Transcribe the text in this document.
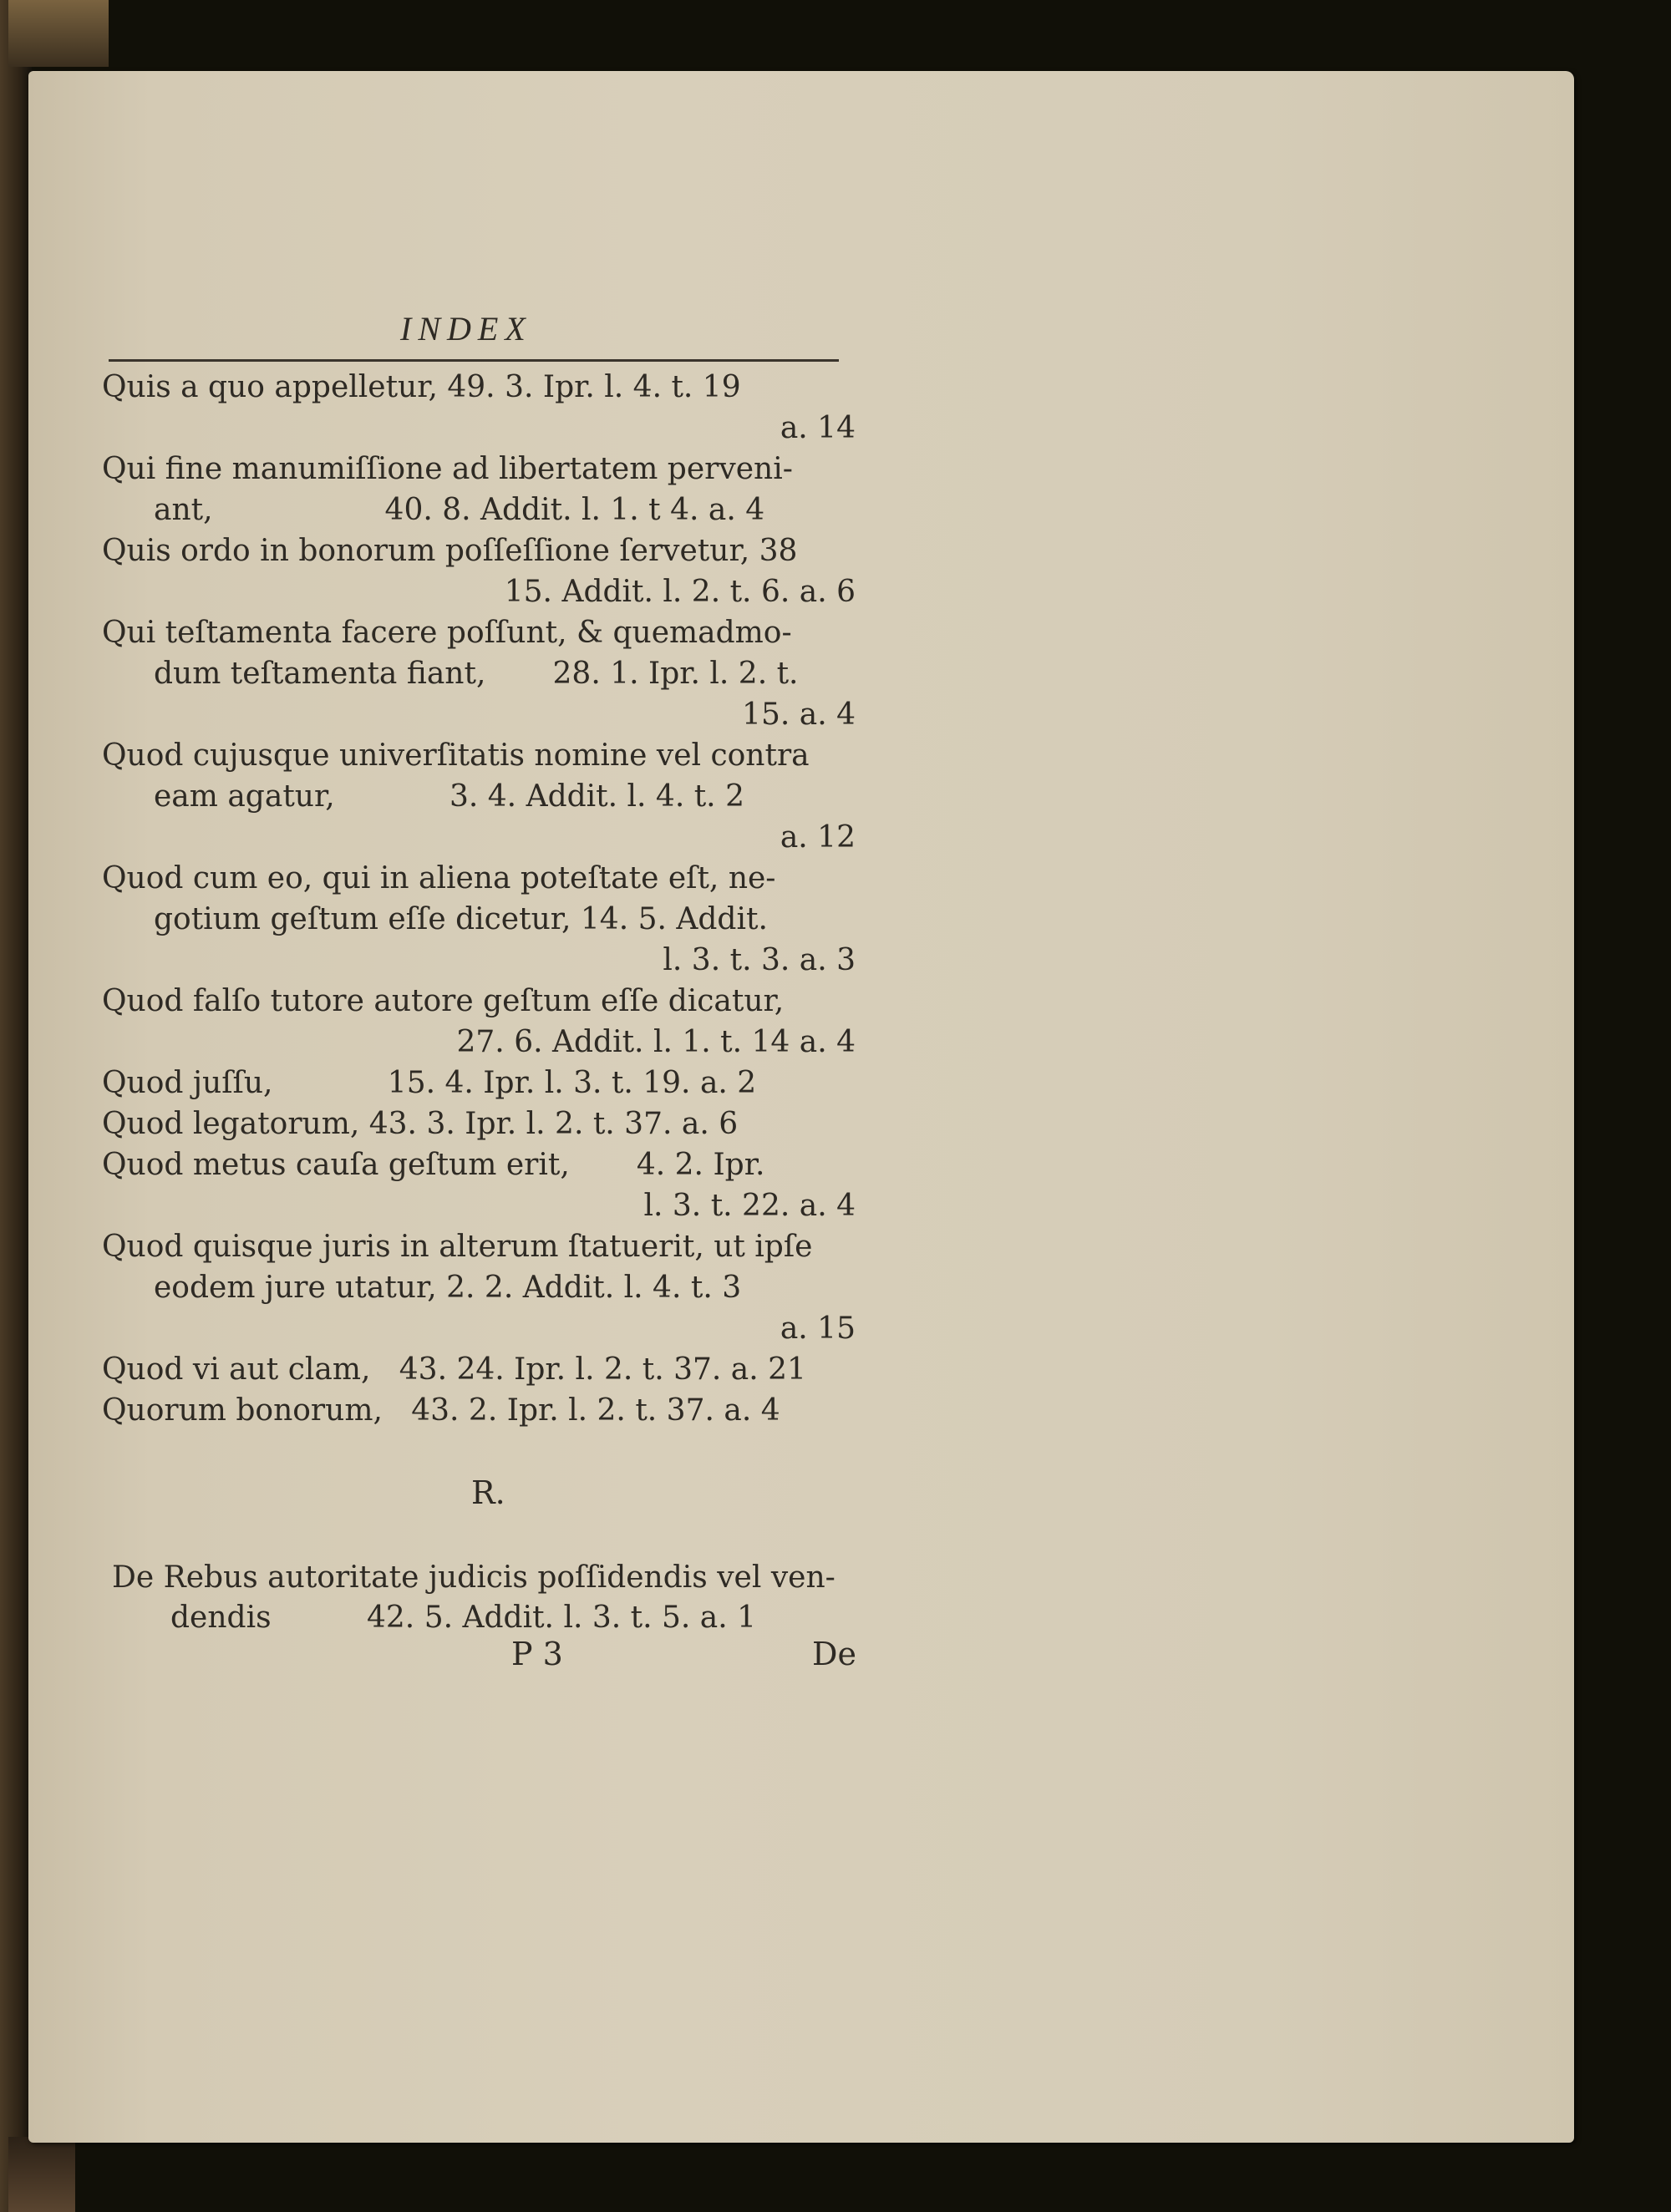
INDEX
Quis a quo appelletur, 49. 3. Ipr. l. 4. t. 19
a. 14
Qui fine manumiſſione ad libertatem perveni-
ant,                  40. 8. Addit. l. 1. t 4. a. 4
Quis ordo in bonorum poſſeſſione ſervetur, 38
15. Addit. l. 2. t. 6. a. 6
Qui teſtamenta facere poſſunt, & quemadmo-
dum teſtamenta fiant,       28. 1. Ipr. l. 2. t.
15. a. 4
Quod cujusque univerſitatis nomine vel contra
eam agatur,            3. 4. Addit. l. 4. t. 2
a. 12
Quod cum eo, qui in aliena poteſtate eſt, ne-
gotium geſtum eſſe dicetur, 14. 5. Addit.
l. 3. t. 3. a. 3
Quod falſo tutore autore geſtum eſſe dicatur,
27. 6. Addit. l. 1. t. 14 a. 4
Quod juſſu,            15. 4. Ipr. l. 3. t. 19. a. 2
Quod legatorum, 43. 3. Ipr. l. 2. t. 37. a. 6
Quod metus cauſa geſtum erit,       4. 2. Ipr.
l. 3. t. 22. a. 4
Quod quisque juris in alterum ſtatuerit, ut ipſe
eodem jure utatur, 2. 2. Addit. l. 4. t. 3
a. 15
Quod vi aut clam,   43. 24. Ipr. l. 2. t. 37. a. 21
Quorum bonorum,   43. 2. Ipr. l. 2. t. 37. a. 4
R.
De Rebus autoritate judicis poſſidendis vel ven-
dendis          42. 5. Addit. l. 3. t. 5. a. 1
P 3	De
